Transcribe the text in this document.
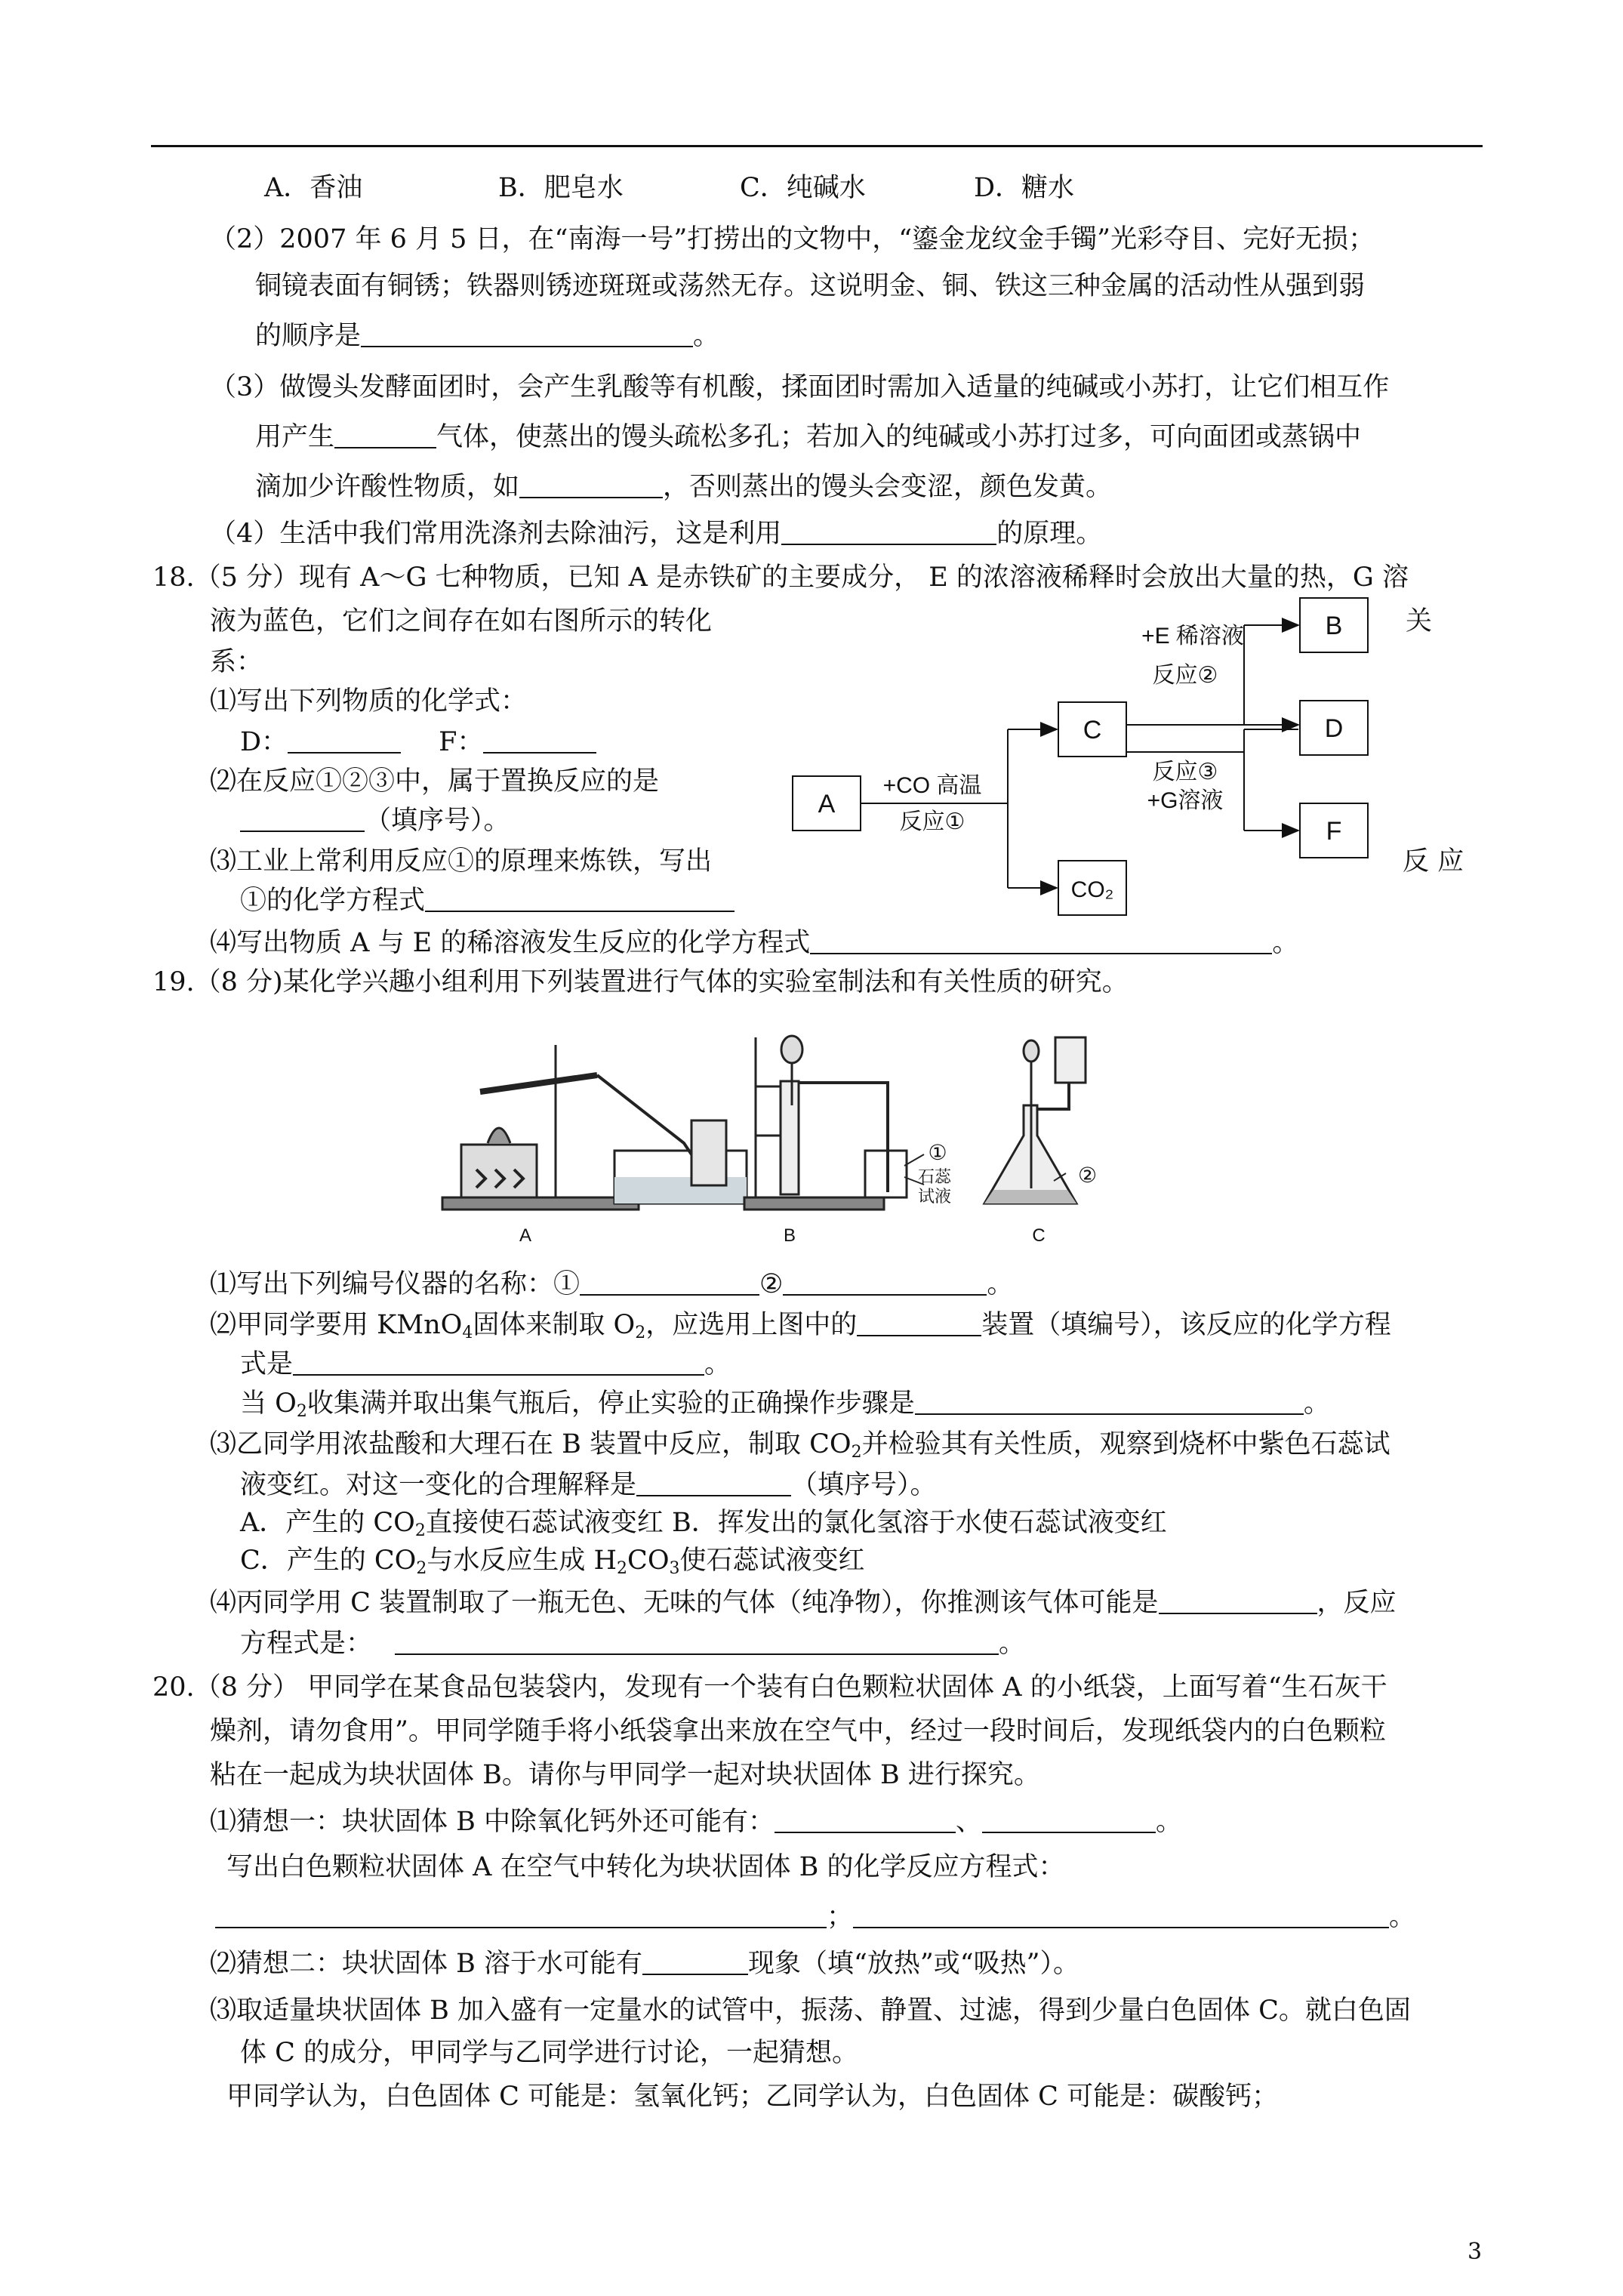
A．香油	B．肥皂水	C．纯碱水	D．糖水
（2）2007 年 6 月 5 日，在“南海一号”打捞出的文物中，“鎏金龙纹金手镯”光彩夺目、完好无损；
铜镜表面有铜锈；铁器则锈迹斑斑或荡然无存。这说明金、铜、铁这三种金属的活动性从强到弱
的顺序是	。
（3）做馒头发酵面团时，会产生乳酸等有机酸，揉面团时需加入适量的纯碱或小苏打，让它们相互作
用产生	气体，使蒸出的馒头疏松多孔；若加入的纯碱或小苏打过多，可向面团或蒸锅中
滴加少许酸性物质，如	，否则蒸出的馒头会变涩，颜色发黄。
（4）生活中我们常用洗涤剂去除油污，这是利用	的原理。
18.（5 分）现有 A～G 七种物质，已知 A 是赤铁矿的主要成分， E 的浓溶液稀释时会放出大量的热，G 溶
液为蓝色，它们之间存在如右图所示的转化	关
系：
⑴写出下列物质的化学式：
D：	F：
⑵在反应①②③中，属于置换反应的是
（填序号）。
⑶工业上常利用反应①的原理来炼铁，写出	反 应
①的化学方程式
⑷写出物质 A 与 E 的稀溶液发生反应的化学方程式	。
A
C
B
D
F
CO₂
+CO 高温
反应①
+E 稀溶液
反应②
反应③
+G溶液
19.（8 分)某化学兴趣小组利用下列装置进行气体的实验室制法和有关性质的研究。
A	B	C
①
石蕊
试液
②
⑴写出下列编号仪器的名称：①	②	。
⑵甲同学要用 KMnO$_4$固体来制取 $O_2$，应选用上图中的	装置（填编号），该反应的化学方程
式是	。
当 $O_2$收集满并取出集气瓶后，停止实验的正确操作步骤是	。
⑶乙同学用浓盐酸和大理石在 B 装置中反应，制取 $CO_2$并检验其有关性质，观察到烧杯中紫色石蕊试
液变红。对这一变化的合理解释是	（填序号）。
A．产生的 $CO_2$直接使石蕊试液变红 B．挥发出的氯化氢溶于水使石蕊试液变红
C．产生的 $CO_2$与水反应生成 $H_2CO_3$使石蕊试液变红
⑷丙同学用 C 装置制取了一瓶无色、无味的气体（纯净物），你推测该气体可能是	，反应
方程式是：	。
20.（8 分） 甲同学在某食品包装袋内，发现有一个装有白色颗粒状固体 A 的小纸袋，上面写着“生石灰干
燥剂，请勿食用”。甲同学随手将小纸袋拿出来放在空气中，经过一段时间后，发现纸袋内的白色颗粒
粘在一起成为块状固体 B。请你与甲同学一起对块状固体 B 进行探究。
⑴猜想一：块状固体 B 中除氧化钙外还可能有：	、	。
写出白色颗粒状固体 A 在空气中转化为块状固体 B 的化学反应方程式：
；	。
⑵猜想二：块状固体 B 溶于水可能有	现象（填“放热”或“吸热”）。
⑶取适量块状固体 B 加入盛有一定量水的试管中，振荡、静置、过滤，得到少量白色固体 C。就白色固
体 C 的成分，甲同学与乙同学进行讨论，一起猜想。
甲同学认为，白色固体 C 可能是：氢氧化钙；乙同学认为，白色固体 C 可能是：碳酸钙；
3
